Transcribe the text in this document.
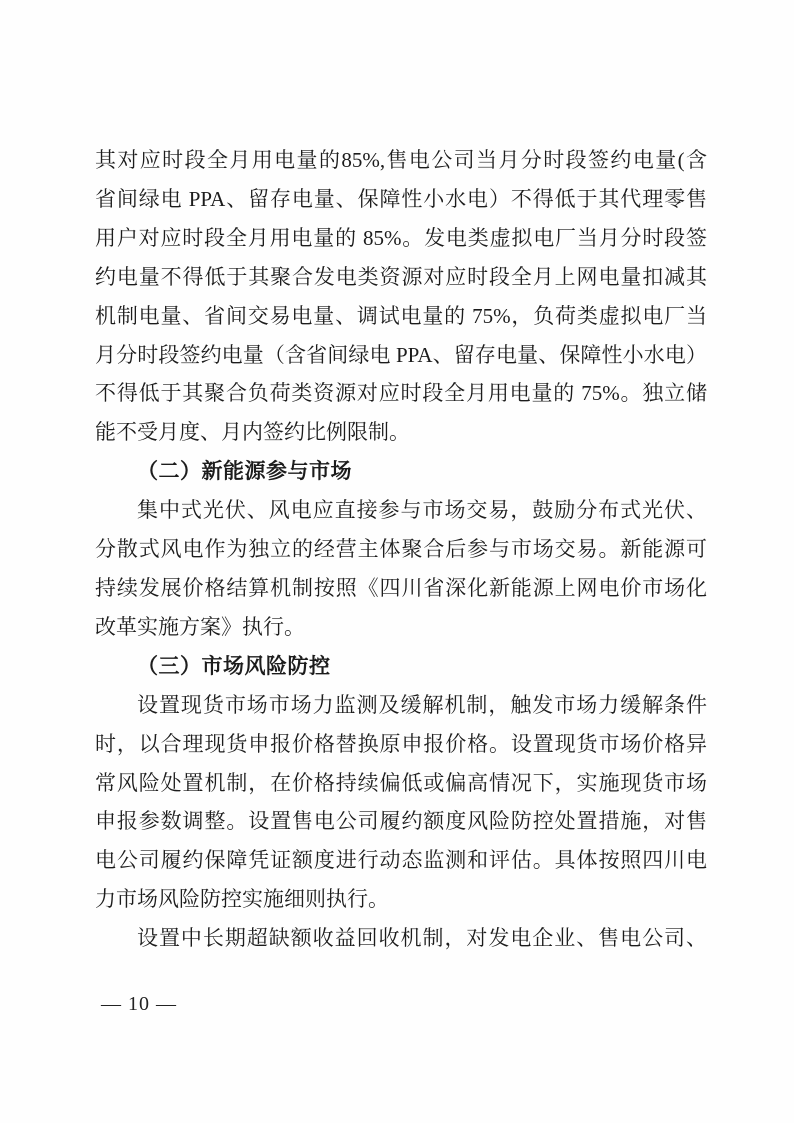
其对应时段全月用电量的85%,售电公司当月分时段签约电量(含

省间绿电 PPA、留存电量、保障性小水电）不得低于其代理零售

用户对应时段全月用电量的 85%。发电类虚拟电厂当月分时段签

约电量不得低于其聚合发电类资源对应时段全月上网电量扣减其

机制电量、省间交易电量、调试电量的 75%，负荷类虚拟电厂当

月分时段签约电量（含省间绿电 PPA、留存电量、保障性小水电）

不得低于其聚合负荷类资源对应时段全月用电量的 75%。独立储

能不受月度、月内签约比例限制。

（二）新能源参与市场

集中式光伏、风电应直接参与市场交易，鼓励分布式光伏、

分散式风电作为独立的经营主体聚合后参与市场交易。新能源可

持续发展价格结算机制按照《四川省深化新能源上网电价市场化

改革实施方案》执行。

（三）市场风险防控

设置现货市场市场力监测及缓解机制，触发市场力缓解条件

时，以合理现货申报价格替换原申报价格。设置现货市场价格异

常风险处置机制，在价格持续偏低或偏高情况下，实施现货市场

申报参数调整。设置售电公司履约额度风险防控处置措施，对售

电公司履约保障凭证额度进行动态监测和评估。具体按照四川电

力市场风险防控实施细则执行。

设置中长期超缺额收益回收机制，对发电企业、售电公司、

— 10 —
